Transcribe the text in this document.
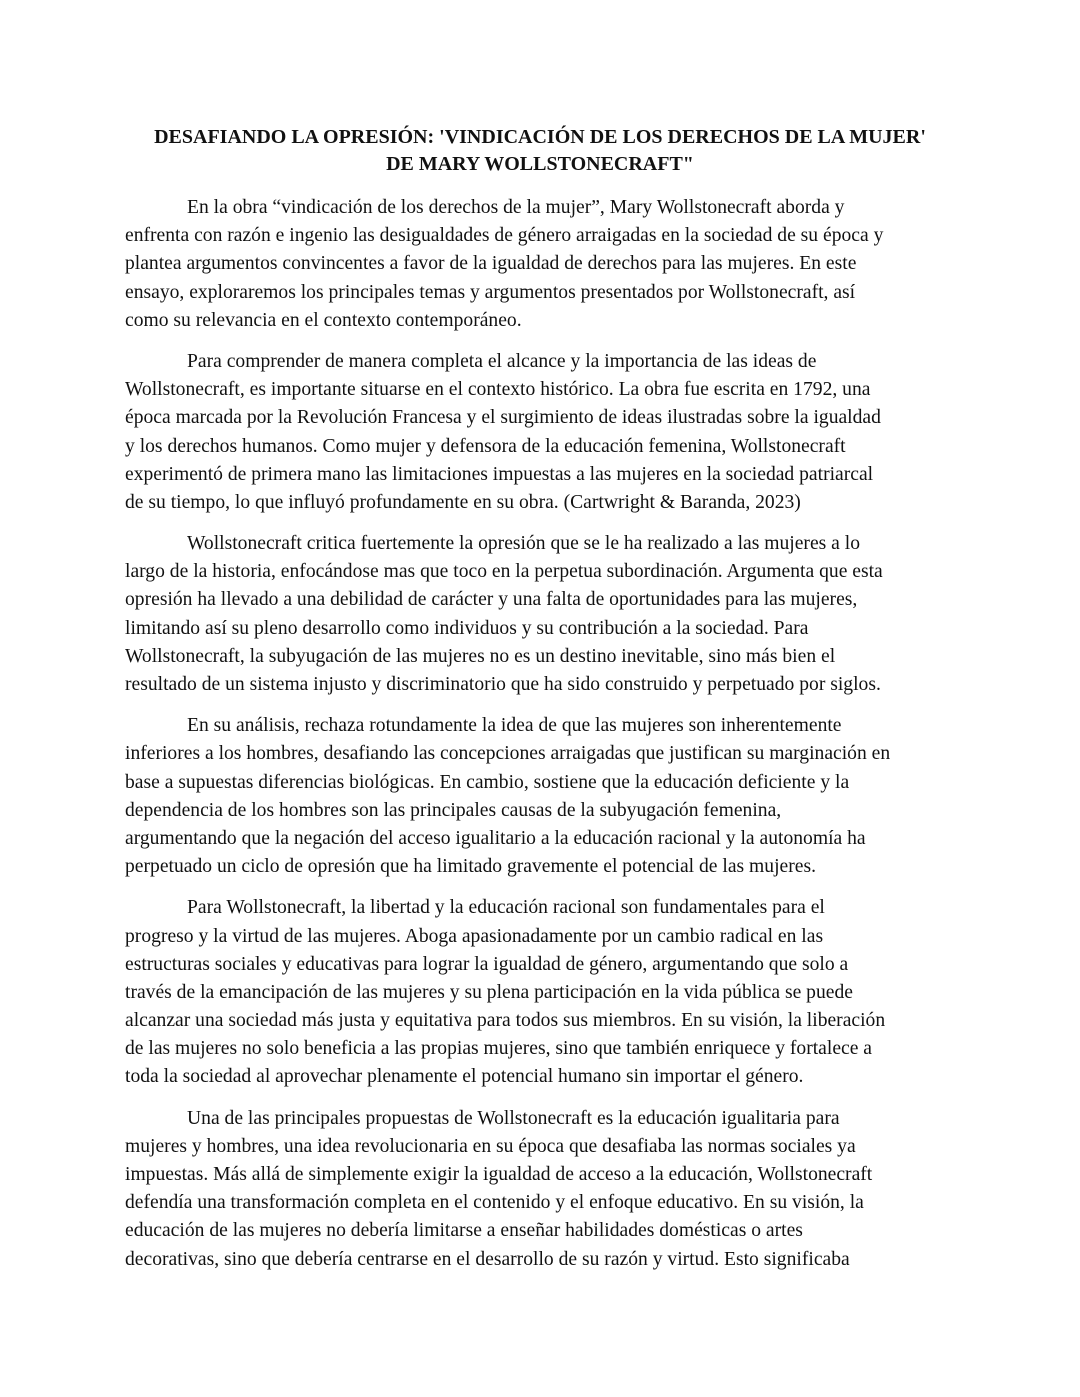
DESAFIANDO LA OPRESIÓN: 'VINDICACIÓN DE LOS DERECHOS DE LA MUJER'
DE MARY WOLLSTONECRAFT"
En la obra “vindicación de los derechos de la mujer”, Mary Wollstonecraft aborda y
enfrenta con razón e ingenio las desigualdades de género arraigadas en la sociedad de su época y
plantea argumentos convincentes a favor de la igualdad de derechos para las mujeres. En este
ensayo, exploraremos los principales temas y argumentos presentados por Wollstonecraft, así
como su relevancia en el contexto contemporáneo.
Para comprender de manera completa el alcance y la importancia de las ideas de
Wollstonecraft, es importante situarse en el contexto histórico. La obra fue escrita en 1792, una
época marcada por la Revolución Francesa y el surgimiento de ideas ilustradas sobre la igualdad
y los derechos humanos. Como mujer y defensora de la educación femenina, Wollstonecraft
experimentó de primera mano las limitaciones impuestas a las mujeres en la sociedad patriarcal
de su tiempo, lo que influyó profundamente en su obra. (Cartwright & Baranda, 2023)
Wollstonecraft critica fuertemente la opresión que se le ha realizado a las mujeres a lo
largo de la historia, enfocándose mas que toco en la perpetua subordinación. Argumenta que esta
opresión ha llevado a una debilidad de carácter y una falta de oportunidades para las mujeres,
limitando así su pleno desarrollo como individuos y su contribución a la sociedad. Para
Wollstonecraft, la subyugación de las mujeres no es un destino inevitable, sino más bien el
resultado de un sistema injusto y discriminatorio que ha sido construido y perpetuado por siglos.
En su análisis, rechaza rotundamente la idea de que las mujeres son inherentemente
inferiores a los hombres, desafiando las concepciones arraigadas que justifican su marginación en
base a supuestas diferencias biológicas. En cambio, sostiene que la educación deficiente y la
dependencia de los hombres son las principales causas de la subyugación femenina,
argumentando que la negación del acceso igualitario a la educación racional y la autonomía ha
perpetuado un ciclo de opresión que ha limitado gravemente el potencial de las mujeres.
Para Wollstonecraft, la libertad y la educación racional son fundamentales para el
progreso y la virtud de las mujeres. Aboga apasionadamente por un cambio radical en las
estructuras sociales y educativas para lograr la igualdad de género, argumentando que solo a
través de la emancipación de las mujeres y su plena participación en la vida pública se puede
alcanzar una sociedad más justa y equitativa para todos sus miembros. En su visión, la liberación
de las mujeres no solo beneficia a las propias mujeres, sino que también enriquece y fortalece a
toda la sociedad al aprovechar plenamente el potencial humano sin importar el género.
Una de las principales propuestas de Wollstonecraft es la educación igualitaria para
mujeres y hombres, una idea revolucionaria en su época que desafiaba las normas sociales ya
impuestas. Más allá de simplemente exigir la igualdad de acceso a la educación, Wollstonecraft
defendía una transformación completa en el contenido y el enfoque educativo. En su visión, la
educación de las mujeres no debería limitarse a enseñar habilidades domésticas o artes
decorativas, sino que debería centrarse en el desarrollo de su razón y virtud. Esto significaba
